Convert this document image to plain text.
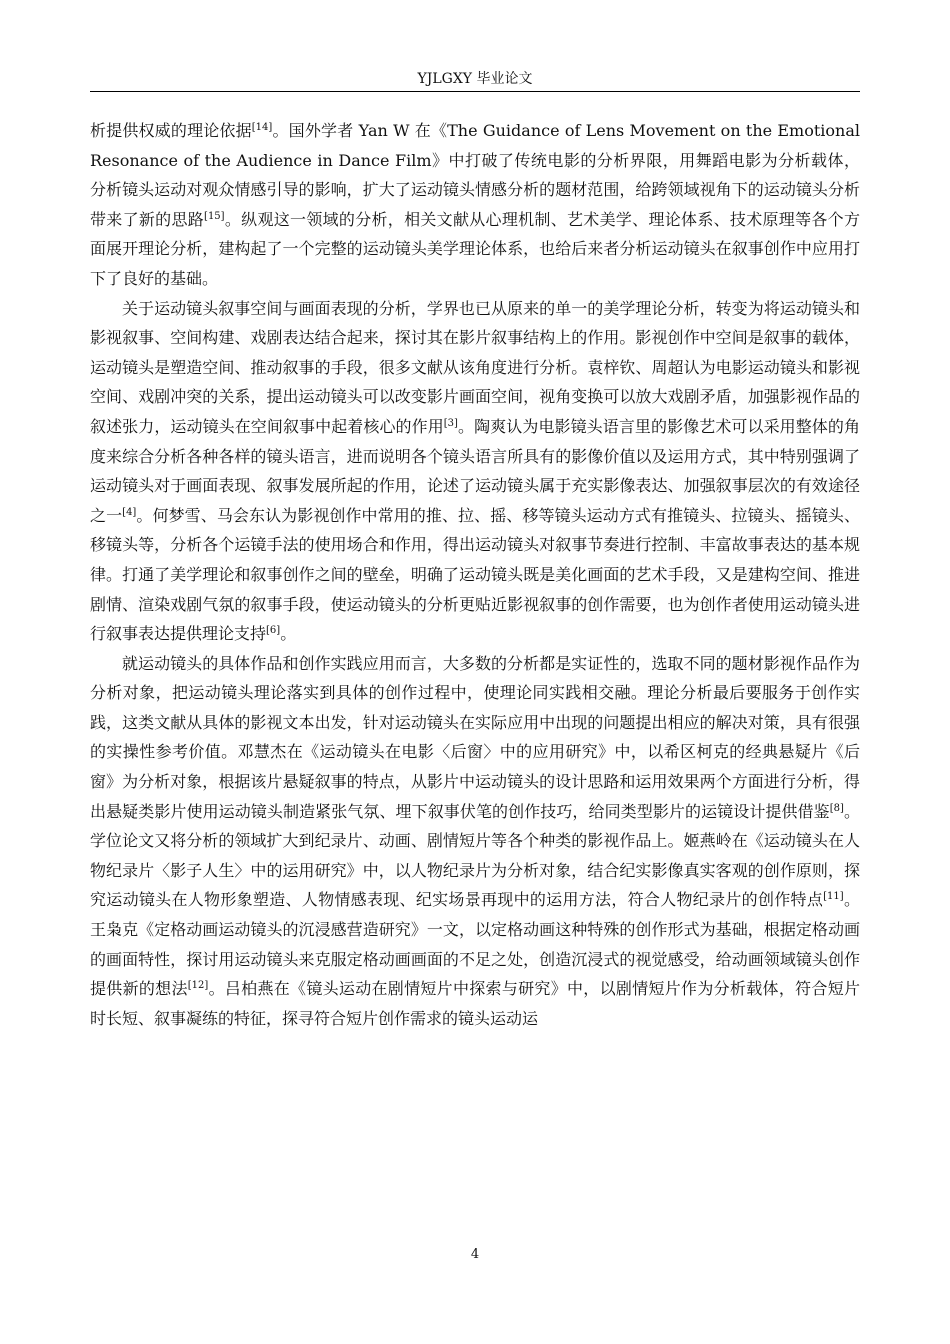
YJLGXY 毕业论文

析提供权威的理论依据[14]。国外学者 Yan W 在《The Guidance of Lens Movement on the Emotional Resonance of the Audience in Dance Film》中打破了传统电影的分析界限，用舞蹈电影为分析载体，分析镜头运动对观众情感引导的影响，扩大了运动镜头情感分析的题材范围，给跨领域视角下的运动镜头分析带来了新的思路[15]。纵观这一领域的分析，相关文献从心理机制、艺术美学、理论体系、技术原理等各个方面展开理论分析，建构起了一个完整的运动镜头美学理论体系，也给后来者分析运动镜头在叙事创作中应用打下了良好的基础。

关于运动镜头叙事空间与画面表现的分析，学界也已从原来的单一的美学理论分析，转变为将运动镜头和影视叙事、空间构建、戏剧表达结合起来，探讨其在影片叙事结构上的作用。影视创作中空间是叙事的载体，运动镜头是塑造空间、推动叙事的手段，很多文献从该角度进行分析。袁梓钦、周超认为电影运动镜头和影视空间、戏剧冲突的关系，提出运动镜头可以改变影片画面空间，视角变换可以放大戏剧矛盾，加强影视作品的叙述张力，运动镜头在空间叙事中起着核心的作用[3]。陶爽认为电影镜头语言里的影像艺术可以采用整体的角度来综合分析各种各样的镜头语言，进而说明各个镜头语言所具有的影像价值以及运用方式，其中特别强调了运动镜头对于画面表现、叙事发展所起的作用，论述了运动镜头属于充实影像表达、加强叙事层次的有效途径之一[4]。何梦雪、马会东认为影视创作中常用的推、拉、摇、移等镜头运动方式有推镜头、拉镜头、摇镜头、移镜头等，分析各个运镜手法的使用场合和作用，得出运动镜头对叙事节奏进行控制、丰富故事表达的基本规律。打通了美学理论和叙事创作之间的壁垒，明确了运动镜头既是美化画面的艺术手段，又是建构空间、推进剧情、渲染戏剧气氛的叙事手段，使运动镜头的分析更贴近影视叙事的创作需要，也为创作者使用运动镜头进行叙事表达提供理论支持[6]。

就运动镜头的具体作品和创作实践应用而言，大多数的分析都是实证性的，选取不同的题材影视作品作为分析对象，把运动镜头理论落实到具体的创作过程中，使理论同实践相交融。理论分析最后要服务于创作实践，这类文献从具体的影视文本出发，针对运动镜头在实际应用中出现的问题提出相应的解决对策，具有很强的实操性参考价值。邓慧杰在《运动镜头在电影〈后窗〉中的应用研究》中，以希区柯克的经典悬疑片《后窗》为分析对象，根据该片悬疑叙事的特点，从影片中运动镜头的设计思路和运用效果两个方面进行分析，得出悬疑类影片使用运动镜头制造紧张气氛、埋下叙事伏笔的创作技巧，给同类型影片的运镜设计提供借鉴[8]。学位论文又将分析的领域扩大到纪录片、动画、剧情短片等各个种类的影视作品上。姬燕岭在《运动镜头在人物纪录片〈影子人生〉中的运用研究》中，以人物纪录片为分析对象，结合纪实影像真实客观的创作原则，探究运动镜头在人物形象塑造、人物情感表现、纪实场景再现中的运用方法，符合人物纪录片的创作特点[11]。王枭克《定格动画运动镜头的沉浸感营造研究》一文，以定格动画这种特殊的创作形式为基础，根据定格动画的画面特性，探讨用运动镜头来克服定格动画画面的不足之处，创造沉浸式的视觉感受，给动画领域镜头创作提供新的想法[12]。吕柏燕在《镜头运动在剧情短片中探索与研究》中，以剧情短片作为分析载体，符合短片时长短、叙事凝练的特征，探寻符合短片创作需求的镜头运动运

4
